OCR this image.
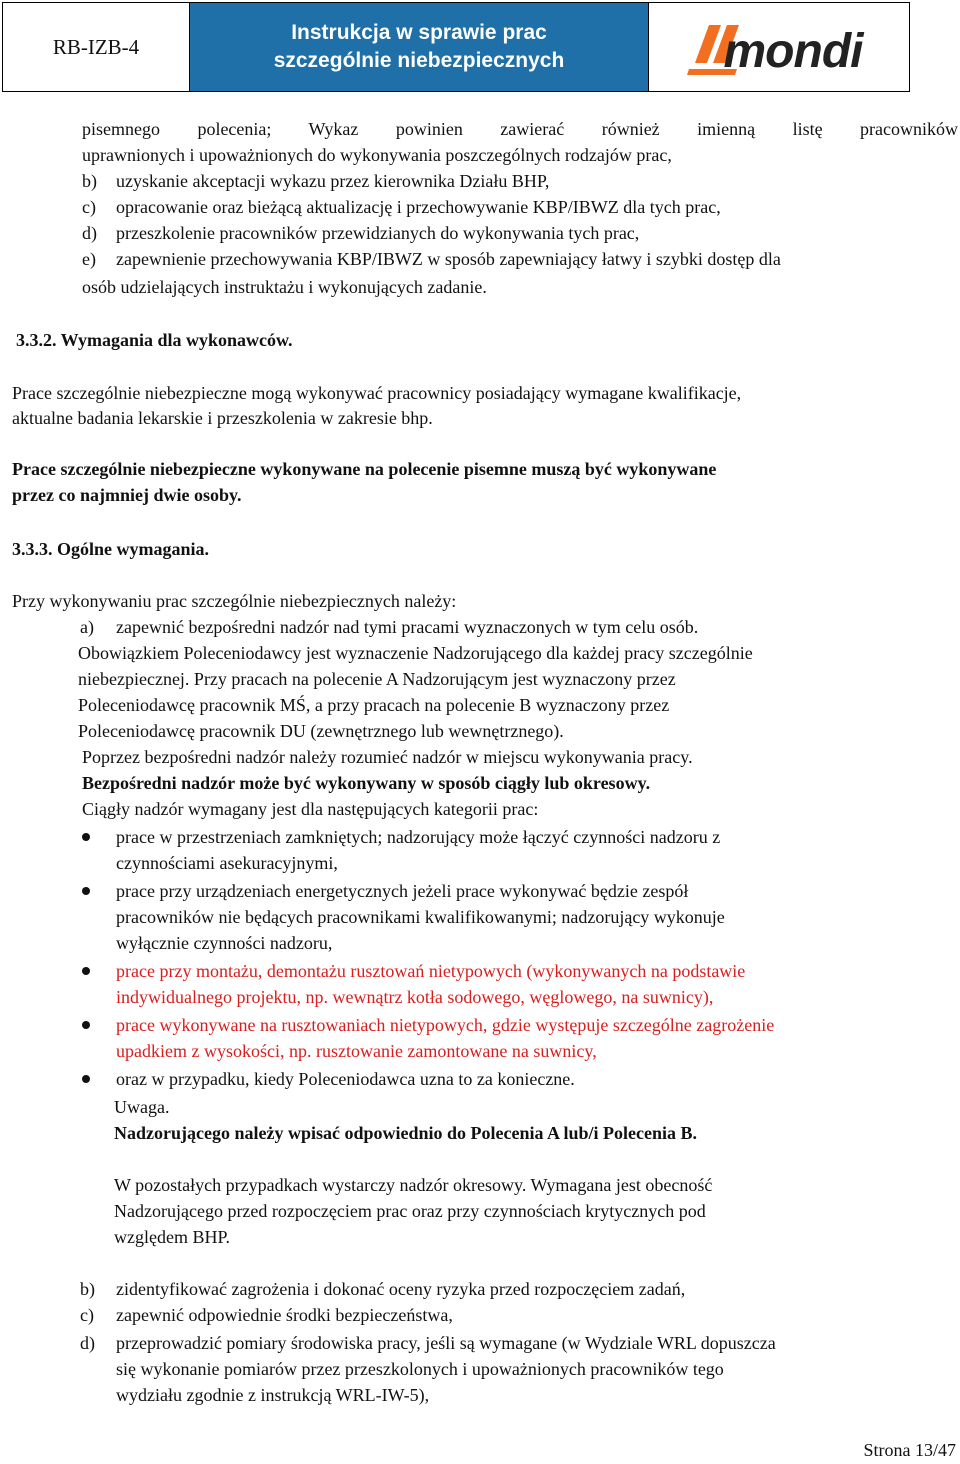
RB-IZB-4
Instrukcja w sprawie prac
szczególnie niebezpiecznych	mondi
pisemnego polecenia; Wykaz powinien zawierać również imienną listę pracowników
uprawnionych i upoważnionych do wykonywania poszczególnych rodzajów prac,
b) uzyskanie akceptacji wykazu przez kierownika Działu BHP,
c) opracowanie oraz bieżącą aktualizację i przechowywanie KBP/IBWZ dla tych prac,
d) przeszkolenie pracowników przewidzianych do wykonywania tych prac,
e) zapewnienie przechowywania KBP/IBWZ w sposób zapewniający łatwy i szybki dostęp dla
osób udzielających instruktażu i wykonujących zadanie.
3.3.2. Wymagania dla wykonawców.
Prace szczególnie niebezpieczne mogą wykonywać pracownicy posiadający wymagane kwalifikacje,
aktualne badania lekarskie i przeszkolenia w zakresie bhp.
Prace szczególnie niebezpieczne wykonywane na polecenie pisemne muszą być wykonywane
przez co najmniej dwie osoby.
3.3.3. Ogólne wymagania.
Przy wykonywaniu prac szczególnie niebezpiecznych należy:
a) zapewnić bezpośredni nadzór nad tymi pracami wyznaczonych w tym celu osób.
Obowiązkiem Poleceniodawcy jest wyznaczenie Nadzorującego dla każdej pracy szczególnie
niebezpiecznej. Przy pracach na polecenie A Nadzorującym jest wyznaczony przez
Poleceniodawcę pracownik MŚ, a przy pracach na polecenie B wyznaczony przez
Poleceniodawcę pracownik DU (zewnętrznego lub wewnętrznego).
Poprzez bezpośredni nadzór należy rozumieć nadzór w miejscu wykonywania pracy.
Bezpośredni nadzór może być wykonywany w sposób ciągły lub okresowy.
Ciągły nadzór wymagany jest dla następujących kategorii prac:
prace w przestrzeniach zamkniętych; nadzorujący może łączyć czynności nadzoru z
czynnościami asekuracyjnymi,
prace przy urządzeniach energetycznych jeżeli prace wykonywać będzie zespół
pracowników nie będących pracownikami kwalifikowanymi; nadzorujący wykonuje
wyłącznie czynności nadzoru,
prace przy montażu, demontażu rusztowań nietypowych (wykonywanych na podstawie
indywidualnego projektu, np. wewnątrz kotła sodowego, węglowego, na suwnicy),
prace wykonywane na rusztowaniach nietypowych, gdzie występuje szczególne zagrożenie
upadkiem z wysokości, np. rusztowanie zamontowane na suwnicy,
oraz w przypadku, kiedy Poleceniodawca uzna to za konieczne.
Uwaga.
Nadzorującego należy wpisać odpowiednio do Polecenia A lub/i Polecenia B.
W pozostałych przypadkach wystarczy nadzór okresowy. Wymagana jest obecność
Nadzorującego przed rozpoczęciem prac oraz przy czynnościach krytycznych pod
względem BHP.
b) zidentyfikować zagrożenia i dokonać oceny ryzyka przed rozpoczęciem zadań,
c) zapewnić odpowiednie środki bezpieczeństwa,
d) przeprowadzić pomiary środowiska pracy, jeśli są wymagane (w Wydziale WRL dopuszcza
się wykonanie pomiarów przez przeszkolonych i upoważnionych pracowników tego
wydziału zgodnie z instrukcją WRL-IW-5),
Strona 13/47
